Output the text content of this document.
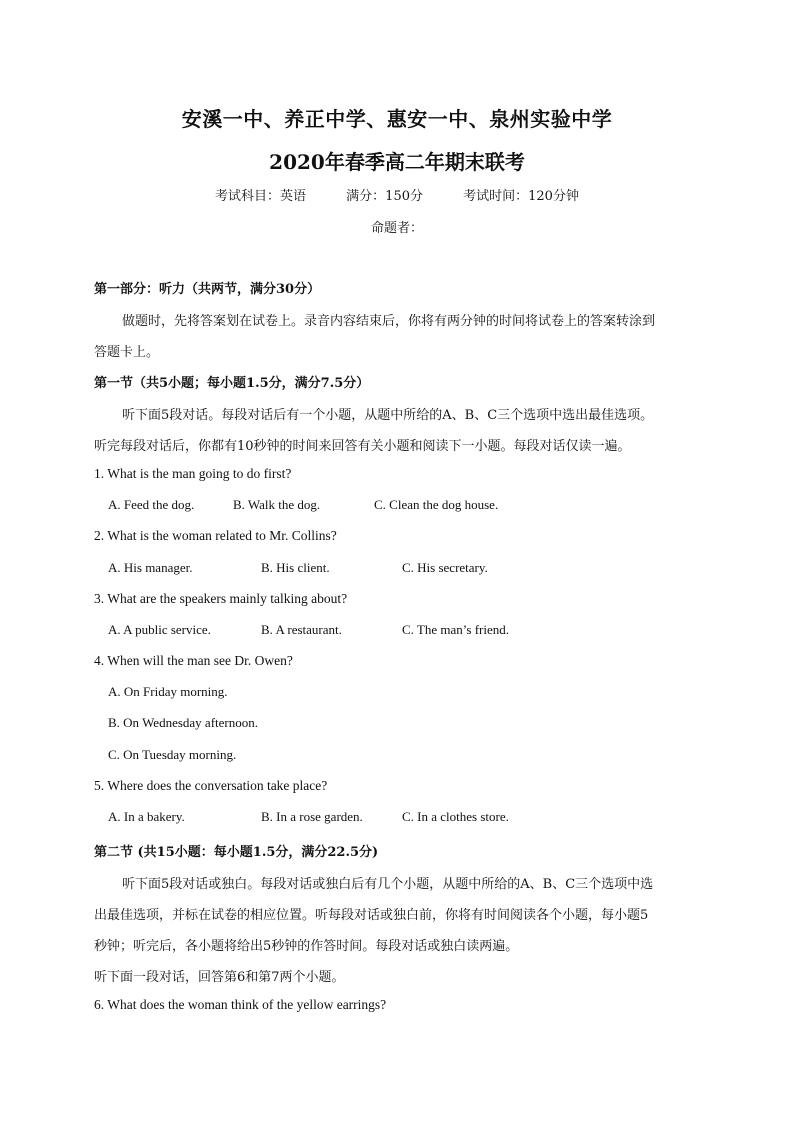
安溪一中、养正中学、惠安一中、泉州实验中学
2020年春季高二年期末联考
考试科目：英语	满分：150分	考试时间：120分钟
命题者：
第一部分：听力（共两节，满分30分）
做题时，先将答案划在试卷上。录音内容结束后，你将有两分钟的时间将试卷上的答案转涂到
答题卡上。
第一节（共5小题；每小题1.5分，满分7.5分）
听下面5段对话。每段对话后有一个小题，从题中所给的A、B、C三个选项中选出最佳选项。
听完每段对话后，你都有10秒钟的时间来回答有关小题和阅读下一小题。每段对话仅读一遍。
1. What is the man going to do first?
A. Feed the dog.	B. Walk the dog.	C. Clean the dog house.
2. What is the woman related to Mr. Collins?
A. His manager.	B. His client.	C. His secretary.
3. What are the speakers mainly talking about?
A. A public service.	B. A restaurant.	C. The man’s friend.
4. When will the man see Dr. Owen?
A. On Friday morning.
B. On Wednesday afternoon.
C. On Tuesday morning.
5. Where does the conversation take place?
A. In a bakery.	B. In a rose garden.	C. In a clothes store.
第二节 (共15小题：每小题1.5分，满分22.5分)
听下面5段对话或独白。每段对话或独白后有几个小题，从题中所给的A、B、C三个选项中选
出最佳选项，并标在试卷的相应位置。听每段对话或独白前，你将有时间阅读各个小题，每小题5
秒钟；听完后，各小题将给出5秒钟的作答时间。每段对话或独白读两遍。
听下面一段对话，回答第6和第7两个小题。
6. What does the woman think of the yellow earrings?
